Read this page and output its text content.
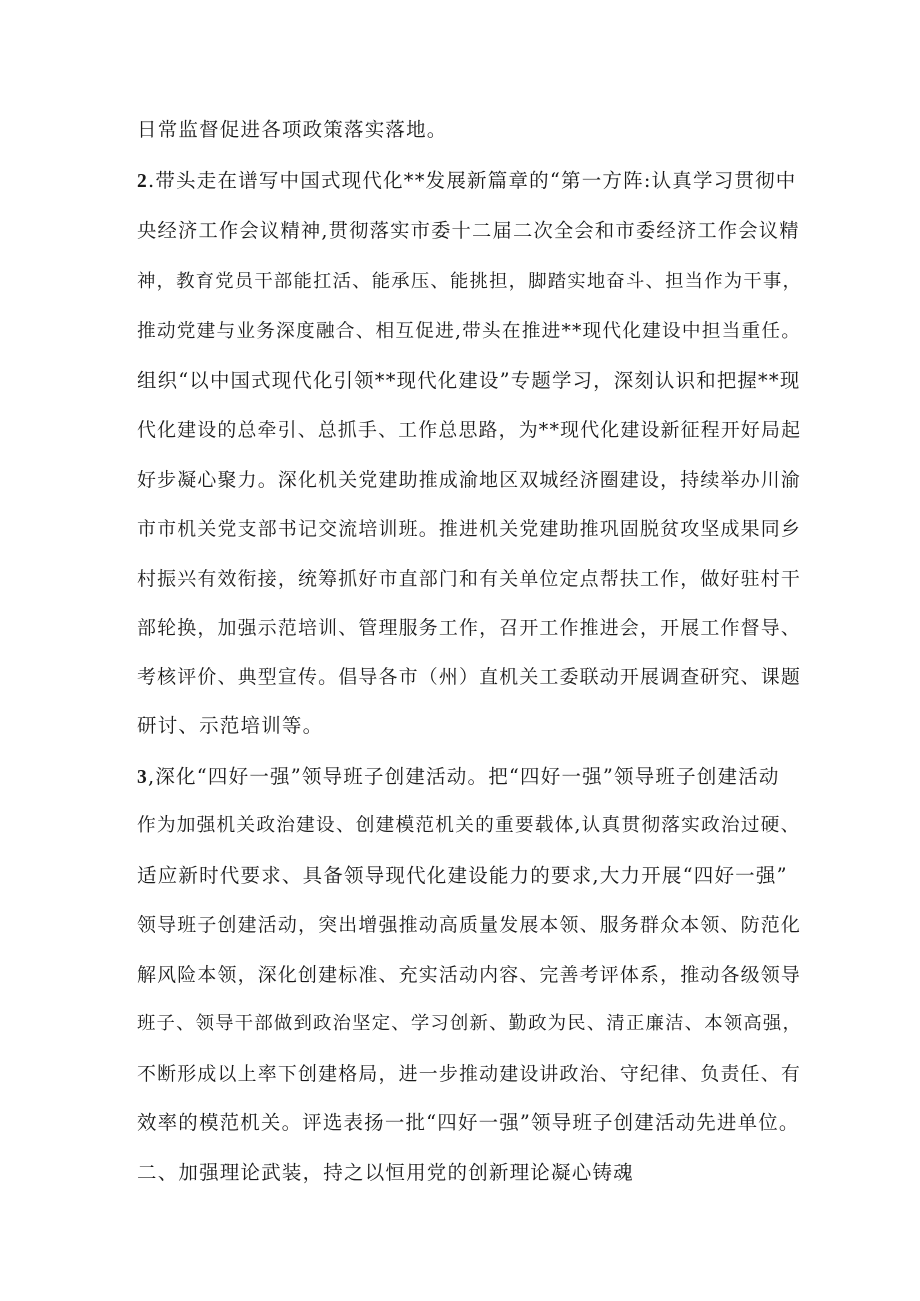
日常监督促进各项政策落实落地。
2.带头走在谱写中国式现代化**发展新篇章的“第一方阵:认真学习贯彻中
央经济工作会议精神,贯彻落实市委十二届二次全会和市委经济工作会议精
神，教育党员干部能扛活、能承压、能挑担，脚踏实地奋斗、担当作为干事，
推动党建与业务深度融合、相互促进,带头在推进**现代化建设中担当重任。
组织“以中国式现代化引领**现代化建设”专题学习，深刻认识和把握**现
代化建设的总牵引、总抓手、工作总思路，为**现代化建设新征程开好局起
好步凝心聚力。深化机关党建助推成渝地区双城经济圈建设，持续举办川渝
市市机关党支部书记交流培训班。推进机关党建助推巩固脱贫攻坚成果同乡
村振兴有效衔接，统筹抓好市直部门和有关单位定点帮扶工作，做好驻村干
部轮换，加强示范培训、管理服务工作，召开工作推进会，开展工作督导、
考核评价、典型宣传。倡导各市（州）直机关工委联动开展调查研究、课题
研讨、示范培训等。
3,深化“四好一强”领导班子创建活动。把“四好一强”领导班子创建活动
作为加强机关政治建设、创建模范机关的重要载体,认真贯彻落实政治过硬、
适应新时代要求、具备领导现代化建设能力的要求,大力开展“四好一强”
领导班子创建活动，突出增强推动高质量发展本领、服务群众本领、防范化
解风险本领，深化创建标准、充实活动内容、完善考评体系，推动各级领导
班子、领导干部做到政治坚定、学习创新、勤政为民、清正廉洁、本领高强，
不断形成以上率下创建格局，进一步推动建设讲政治、守纪律、负责任、有
效率的模范机关。评选表扬一批“四好一强”领导班子创建活动先进单位。
二、加强理论武装，持之以恒用党的创新理论凝心铸魂
